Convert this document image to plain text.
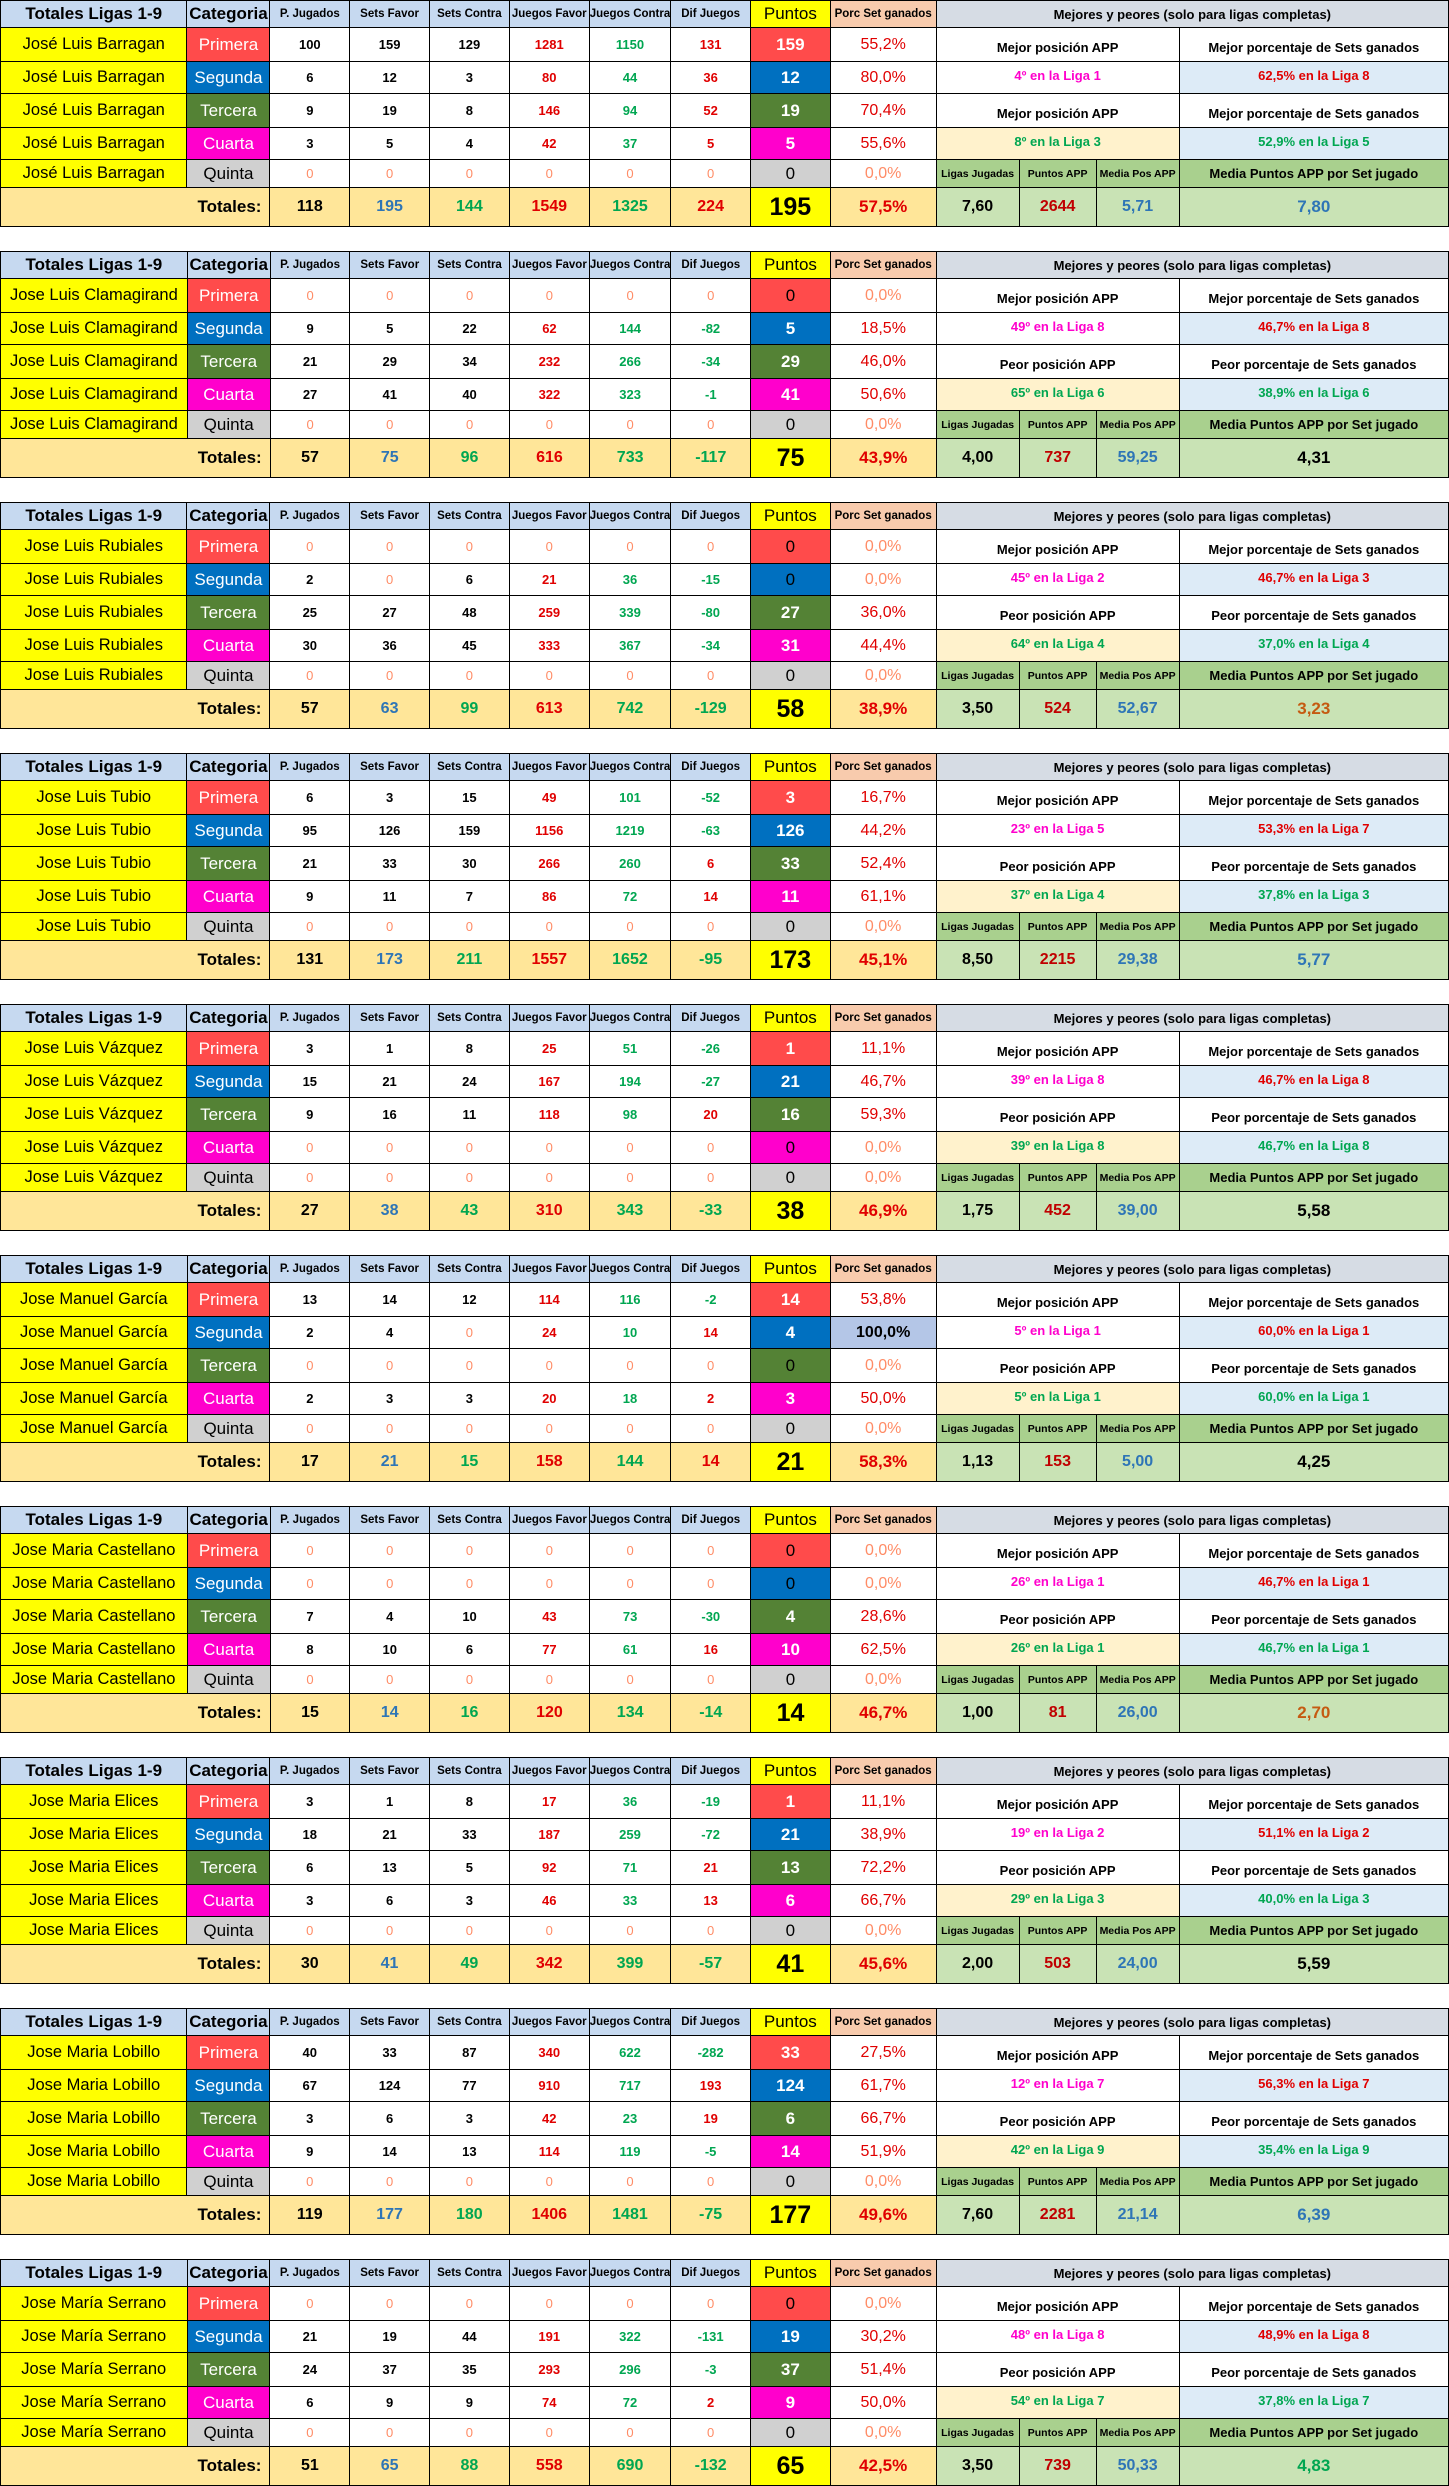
Totales Ligas 1-9	Categoria	P. Jugados	Sets Favor	Sets Contra	Juegos Favor	Juegos Contra	Dif Juegos	Puntos	Porc Set ganados	Mejores y peores (solo para ligas completas)	
José Luis Barragan	Primera	100	159	129	1281	1150	131	159	55,2%	Mejor posición APP	Mejor porcentaje de Sets ganados
José Luis Barragan	Segunda	6	12	3	80	44	36	12	80,0%	4º en la Liga 1	62,5% en la Liga 8
José Luis Barragan	Tercera	9	19	8	146	94	52	19	70,4%	Mejor posición APP	Mejor porcentaje de Sets ganados
José Luis Barragan	Cuarta	3	5	4	42	37	5	5	55,6%	8º en la Liga 3	52,9% en la Liga 5
José Luis Barragan	Quinta	0	0	0	0	0	0	0	0,0%	Ligas Jugadas Puntos APP Media Pos APP	Media Puntos APP por Set jugado
Totales:		118	195	144	1549	1325	224	195	57,5%	7,60 2644 5,71	7,80
Totales Ligas 1-9	Categoria	P. Jugados	Sets Favor	Sets Contra	Juegos Favor	Juegos Contra	Dif Juegos	Puntos	Porc Set ganados	Mejores y peores (solo para ligas completas)	
Jose Luis Clamagirand	Primera	0	0	0	0	0	0	0	0,0%	Mejor posición APP	Mejor porcentaje de Sets ganados
Jose Luis Clamagirand	Segunda	9	5	22	62	144	-82	5	18,5%	49º en la Liga 8	46,7% en la Liga 8
Jose Luis Clamagirand	Tercera	21	29	34	232	266	-34	29	46,0%	Peor posición APP	Peor porcentaje de Sets ganados
Jose Luis Clamagirand	Cuarta	27	41	40	322	323	-1	41	50,6%	65º en la Liga 6	38,9% en la Liga 6
Jose Luis Clamagirand	Quinta	0	0	0	0	0	0	0	0,0%	Ligas Jugadas Puntos APP Media Pos APP	Media Puntos APP por Set jugado
Totales:		57	75	96	616	733	-117	75	43,9%	4,00 737 59,25	4,31
Totales Ligas 1-9	Categoria	P. Jugados	Sets Favor	Sets Contra	Juegos Favor	Juegos Contra	Dif Juegos	Puntos	Porc Set ganados	Mejores y peores (solo para ligas completas)	
Jose Luis Rubiales	Primera	0	0	0	0	0	0	0	0,0%	Mejor posición APP	Mejor porcentaje de Sets ganados
Jose Luis Rubiales	Segunda	2	0	6	21	36	-15	0	0,0%	45º en la Liga 2	46,7% en la Liga 3
Jose Luis Rubiales	Tercera	25	27	48	259	339	-80	27	36,0%	Peor posición APP	Peor porcentaje de Sets ganados
Jose Luis Rubiales	Cuarta	30	36	45	333	367	-34	31	44,4%	64º en la Liga 4	37,0% en la Liga 4
Jose Luis Rubiales	Quinta	0	0	0	0	0	0	0	0,0%	Ligas Jugadas Puntos APP Media Pos APP	Media Puntos APP por Set jugado
Totales:		57	63	99	613	742	-129	58	38,9%	3,50 524 52,67	3,23
Totales Ligas 1-9	Categoria	P. Jugados	Sets Favor	Sets Contra	Juegos Favor	Juegos Contra	Dif Juegos	Puntos	Porc Set ganados	Mejores y peores (solo para ligas completas)	
Jose Luis Tubio	Primera	6	3	15	49	101	-52	3	16,7%	Mejor posición APP	Mejor porcentaje de Sets ganados
Jose Luis Tubio	Segunda	95	126	159	1156	1219	-63	126	44,2%	23º en la Liga 5	53,3% en la Liga 7
Jose Luis Tubio	Tercera	21	33	30	266	260	6	33	52,4%	Peor posición APP	Peor porcentaje de Sets ganados
Jose Luis Tubio	Cuarta	9	11	7	86	72	14	11	61,1%	37º en la Liga 4	37,8% en la Liga 3
Jose Luis Tubio	Quinta	0	0	0	0	0	0	0	0,0%	Ligas Jugadas Puntos APP Media Pos APP	Media Puntos APP por Set jugado
Totales:		131	173	211	1557	1652	-95	173	45,1%	8,50 2215 29,38	5,77
Totales Ligas 1-9	Categoria	P. Jugados	Sets Favor	Sets Contra	Juegos Favor	Juegos Contra	Dif Juegos	Puntos	Porc Set ganados	Mejores y peores (solo para ligas completas)	
Jose Luis Vázquez	Primera	3	1	8	25	51	-26	1	11,1%	Mejor posición APP	Mejor porcentaje de Sets ganados
Jose Luis Vázquez	Segunda	15	21	24	167	194	-27	21	46,7%	39º en la Liga 8	46,7% en la Liga 8
Jose Luis Vázquez	Tercera	9	16	11	118	98	20	16	59,3%	Peor posición APP	Peor porcentaje de Sets ganados
Jose Luis Vázquez	Cuarta	0	0	0	0	0	0	0	0,0%	39º en la Liga 8	46,7% en la Liga 8
Jose Luis Vázquez	Quinta	0	0	0	0	0	0	0	0,0%	Ligas Jugadas Puntos APP Media Pos APP	Media Puntos APP por Set jugado
Totales:		27	38	43	310	343	-33	38	46,9%	1,75 452 39,00	5,58
Totales Ligas 1-9	Categoria	P. Jugados	Sets Favor	Sets Contra	Juegos Favor	Juegos Contra	Dif Juegos	Puntos	Porc Set ganados	Mejores y peores (solo para ligas completas)	
Jose Manuel García	Primera	13	14	12	114	116	-2	14	53,8%	Mejor posición APP	Mejor porcentaje de Sets ganados
Jose Manuel García	Segunda	2	4	0	24	10	14	4	100,0%	5º en la Liga 1	60,0% en la Liga 1
Jose Manuel García	Tercera	0	0	0	0	0	0	0	0,0%	Peor posición APP	Peor porcentaje de Sets ganados
Jose Manuel García	Cuarta	2	3	3	20	18	2	3	50,0%	5º en la Liga 1	60,0% en la Liga 1
Jose Manuel García	Quinta	0	0	0	0	0	0	0	0,0%	Ligas Jugadas Puntos APP Media Pos APP	Media Puntos APP por Set jugado
Totales:		17	21	15	158	144	14	21	58,3%	1,13 153 5,00	4,25
Totales Ligas 1-9	Categoria	P. Jugados	Sets Favor	Sets Contra	Juegos Favor	Juegos Contra	Dif Juegos	Puntos	Porc Set ganados	Mejores y peores (solo para ligas completas)	
Jose Maria Castellano	Primera	0	0	0	0	0	0	0	0,0%	Mejor posición APP	Mejor porcentaje de Sets ganados
Jose Maria Castellano	Segunda	0	0	0	0	0	0	0	0,0%	26º en la Liga 1	46,7% en la Liga 1
Jose Maria Castellano	Tercera	7	4	10	43	73	-30	4	28,6%	Peor posición APP	Peor porcentaje de Sets ganados
Jose Maria Castellano	Cuarta	8	10	6	77	61	16	10	62,5%	26º en la Liga 1	46,7% en la Liga 1
Jose Maria Castellano	Quinta	0	0	0	0	0	0	0	0,0%	Ligas Jugadas Puntos APP Media Pos APP	Media Puntos APP por Set jugado
Totales:		15	14	16	120	134	-14	14	46,7%	1,00 81 26,00	2,70
Totales Ligas 1-9	Categoria	P. Jugados	Sets Favor	Sets Contra	Juegos Favor	Juegos Contra	Dif Juegos	Puntos	Porc Set ganados	Mejores y peores (solo para ligas completas)	
Jose Maria Elices	Primera	3	1	8	17	36	-19	1	11,1%	Mejor posición APP	Mejor porcentaje de Sets ganados
Jose Maria Elices	Segunda	18	21	33	187	259	-72	21	38,9%	19º en la Liga 2	51,1% en la Liga 2
Jose Maria Elices	Tercera	6	13	5	92	71	21	13	72,2%	Peor posición APP	Peor porcentaje de Sets ganados
Jose Maria Elices	Cuarta	3	6	3	46	33	13	6	66,7%	29º en la Liga 3	40,0% en la Liga 3
Jose Maria Elices	Quinta	0	0	0	0	0	0	0	0,0%	Ligas Jugadas Puntos APP Media Pos APP	Media Puntos APP por Set jugado
Totales:		30	41	49	342	399	-57	41	45,6%	2,00 503 24,00	5,59
Totales Ligas 1-9	Categoria	P. Jugados	Sets Favor	Sets Contra	Juegos Favor	Juegos Contra	Dif Juegos	Puntos	Porc Set ganados	Mejores y peores (solo para ligas completas)	
Jose Maria Lobillo	Primera	40	33	87	340	622	-282	33	27,5%	Mejor posición APP	Mejor porcentaje de Sets ganados
Jose Maria Lobillo	Segunda	67	124	77	910	717	193	124	61,7%	12º en la Liga 7	56,3% en la Liga 7
Jose Maria Lobillo	Tercera	3	6	3	42	23	19	6	66,7%	Peor posición APP	Peor porcentaje de Sets ganados
Jose Maria Lobillo	Cuarta	9	14	13	114	119	-5	14	51,9%	42º en la Liga 9	35,4% en la Liga 9
Jose Maria Lobillo	Quinta	0	0	0	0	0	0	0	0,0%	Ligas Jugadas Puntos APP Media Pos APP	Media Puntos APP por Set jugado
Totales:		119	177	180	1406	1481	-75	177	49,6%	7,60 2281 21,14	6,39
Totales Ligas 1-9	Categoria	P. Jugados	Sets Favor	Sets Contra	Juegos Favor	Juegos Contra	Dif Juegos	Puntos	Porc Set ganados	Mejores y peores (solo para ligas completas)	
Jose María Serrano	Primera	0	0	0	0	0	0	0	0,0%	Mejor posición APP	Mejor porcentaje de Sets ganados
Jose María Serrano	Segunda	21	19	44	191	322	-131	19	30,2%	48º en la Liga 8	48,9% en la Liga 8
Jose María Serrano	Tercera	24	37	35	293	296	-3	37	51,4%	Peor posición APP	Peor porcentaje de Sets ganados
Jose María Serrano	Cuarta	6	9	9	74	72	2	9	50,0%	54º en la Liga 7	37,8% en la Liga 7
Jose María Serrano	Quinta	0	0	0	0	0	0	0	0,0%	Ligas Jugadas Puntos APP Media Pos APP	Media Puntos APP por Set jugado
Totales:		51	65	88	558	690	-132	65	42,5%	3,50 739 50,33	4,83
